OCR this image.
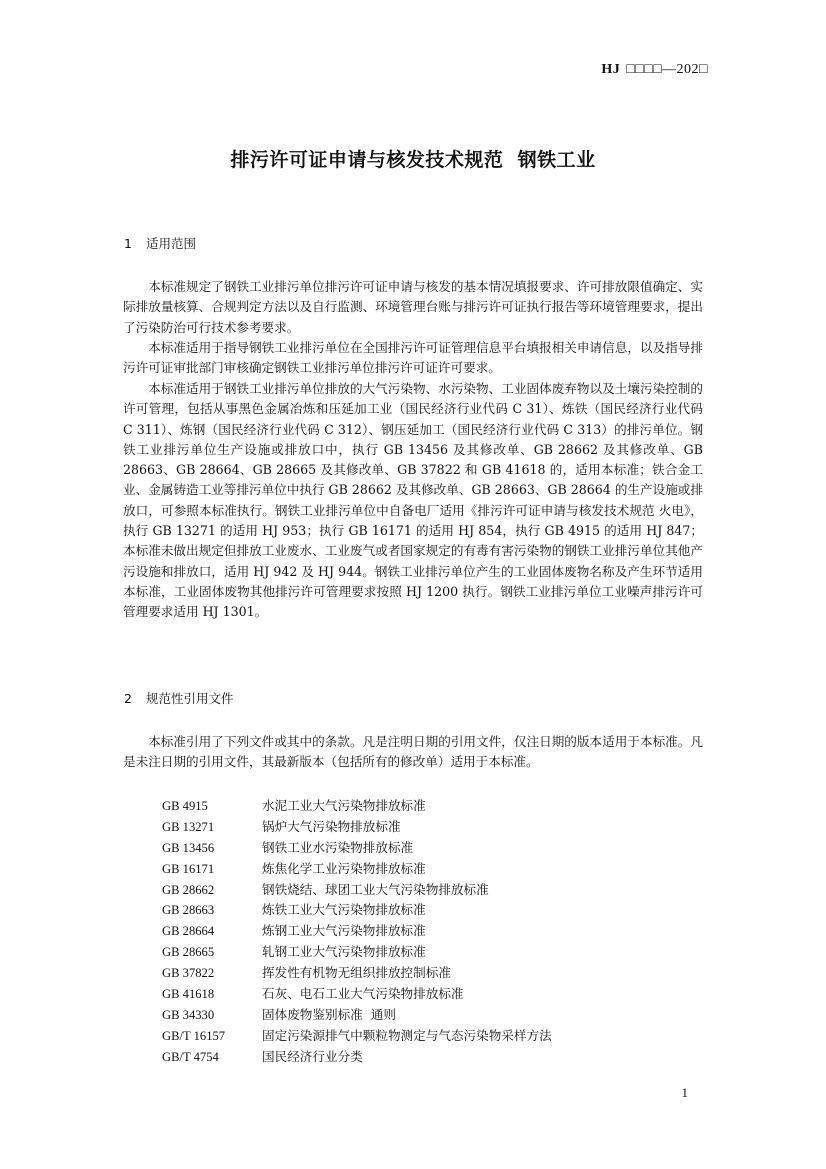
HJ □□□□—202□
排污许可证申请与核发技术规范  钢铁工业
1 适用范围

本标准规定了钢铁工业排污单位排污许可证申请与核发的基本情况填报要求、许可排放限值确定、实际排放量核算、合规判定方法以及自行监测、环境管理台账与排污许可证执行报告等环境管理要求，提出了污染防治可行技术参考要求。

本标准适用于指导钢铁工业排污单位在全国排污许可证管理信息平台填报相关申请信息，以及指导排污许可证审批部门审核确定钢铁工业排污单位排污许可证许可要求。

本标准适用于钢铁工业排污单位排放的大气污染物、水污染物、工业固体废弃物以及土壤污染控制的许可管理，包括从事黑色金属冶炼和压延加工业（国民经济行业代码 C 31）、炼铁（国民经济行业代码 C 311）、炼钢（国民经济行业代码 C 312）、钢压延加工（国民经济行业代码 C 313）的排污单位。钢铁工业排污单位生产设施或排放口中，执行 GB 13456 及其修改单、GB 28662 及其修改单、GB 28663、GB 28664、GB 28665 及其修改单、GB 37822 和 GB 41618 的，适用本标准；铁合金工业、金属铸造工业等排污单位中执行 GB 28662 及其修改单、GB 28663、GB 28664 的生产设施或排放口，可参照本标准执行。钢铁工业排污单位中自备电厂适用《排污许可证申请与核发技术规范 火电》，执行 GB 13271 的适用 HJ 953；执行 GB 16171 的适用 HJ 854，执行 GB 4915 的适用 HJ 847；本标准未做出规定但排放工业废水、工业废气或者国家规定的有毒有害污染物的钢铁工业排污单位其他产污设施和排放口，适用 HJ 942 及 HJ 944。钢铁工业排污单位产生的工业固体废物名称及产生环节适用本标准，工业固体废物其他排污许可管理要求按照 HJ 1200 执行。钢铁工业排污单位工业噪声排污许可管理要求适用 HJ 1301。

2 规范性引用文件

本标准引用了下列文件或其中的条款。凡是注明日期的引用文件，仅注日期的版本适用于本标准。凡是未注日期的引用文件，其最新版本（包括所有的修改单）适用于本标准。

GB 4915	水泥工业大气污染物排放标准
GB 13271	锅炉大气污染物排放标准
GB 13456	钢铁工业水污染物排放标准
GB 16171	炼焦化学工业污染物排放标准
GB 28662	钢铁烧结、球团工业大气污染物排放标准
GB 28663	炼铁工业大气污染物排放标准
GB 28664	炼钢工业大气污染物排放标准
GB 28665	轧钢工业大气污染物排放标准
GB 37822	挥发性有机物无组织排放控制标准
GB 41618	石灰、电石工业大气污染物排放标准
GB 34330	固体废物鉴别标准  通则
GB/T 16157	固定污染源排气中颗粒物测定与气态污染物采样方法
GB/T 4754	国民经济行业分类
1
